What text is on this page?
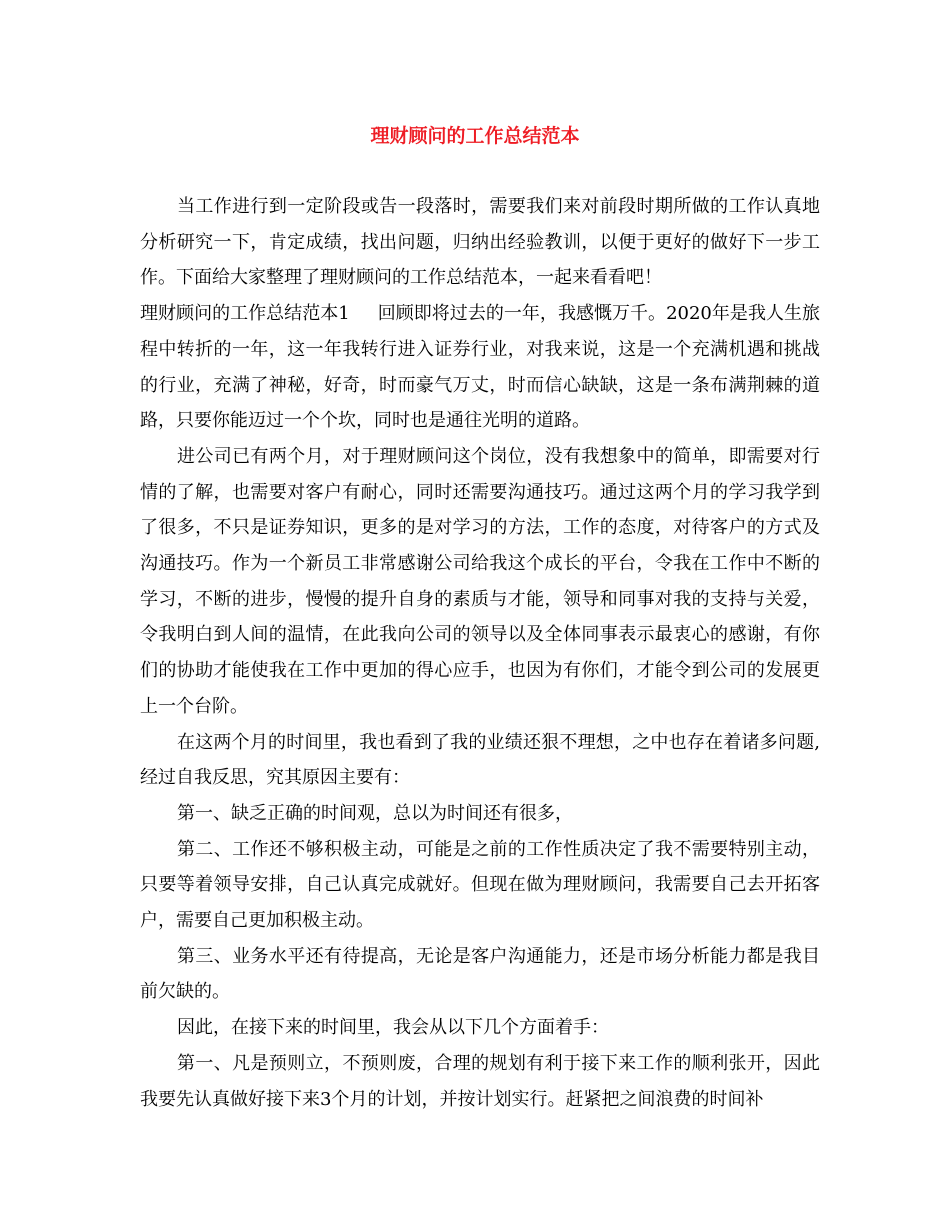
理财顾问的工作总结范本

当工作进行到一定阶段或告一段落时，需要我们来对前段时期所做的工作认真地分析研究一下，肯定成绩，找出问题，归纳出经验教训，以便于更好的做好下一步工作。下面给大家整理了理财顾问的工作总结范本，一起来看看吧！

理财顾问的工作总结范本1 回顾即将过去的一年，我感慨万千。2020年是我人生旅程中转折的一年，这一年我转行进入证券行业，对我来说，这是一个充满机遇和挑战的行业，充满了神秘，好奇，时而豪气万丈，时而信心缺缺，这是一条布满荆棘的道路，只要你能迈过一个个坎，同时也是通往光明的道路。

进公司已有两个月，对于理财顾问这个岗位，没有我想象中的简单，即需要对行情的了解，也需要对客户有耐心，同时还需要沟通技巧。通过这两个月的学习我学到了很多，不只是证券知识，更多的是对学习的方法，工作的态度，对待客户的方式及沟通技巧。作为一个新员工非常感谢公司给我这个成长的平台，令我在工作中不断的学习，不断的进步，慢慢的提升自身的素质与才能，领导和同事对我的支持与关爱，令我明白到人间的温情，在此我向公司的领导以及全体同事表示最衷心的感谢，有你们的协助才能使我在工作中更加的得心应手，也因为有你们，才能令到公司的发展更上一个台阶。

在这两个月的时间里，我也看到了我的业绩还狠不理想，之中也存在着诸多问题,经过自我反思，究其原因主要有：

第一、缺乏正确的时间观，总以为时间还有很多，

第二、工作还不够积极主动，可能是之前的工作性质决定了我不需要特别主动，只要等着领导安排，自己认真完成就好。但现在做为理财顾问，我需要自己去开拓客户，需要自己更加积极主动。

第三、业务水平还有待提高，无论是客户沟通能力，还是市场分析能力都是我目前欠缺的。

因此，在接下来的时间里，我会从以下几个方面着手：

第一、凡是预则立，不预则废，合理的规划有利于接下来工作的顺利张开，因此我要先认真做好接下来3个月的计划，并按计划实行。赶紧把之间浪费的时间补
